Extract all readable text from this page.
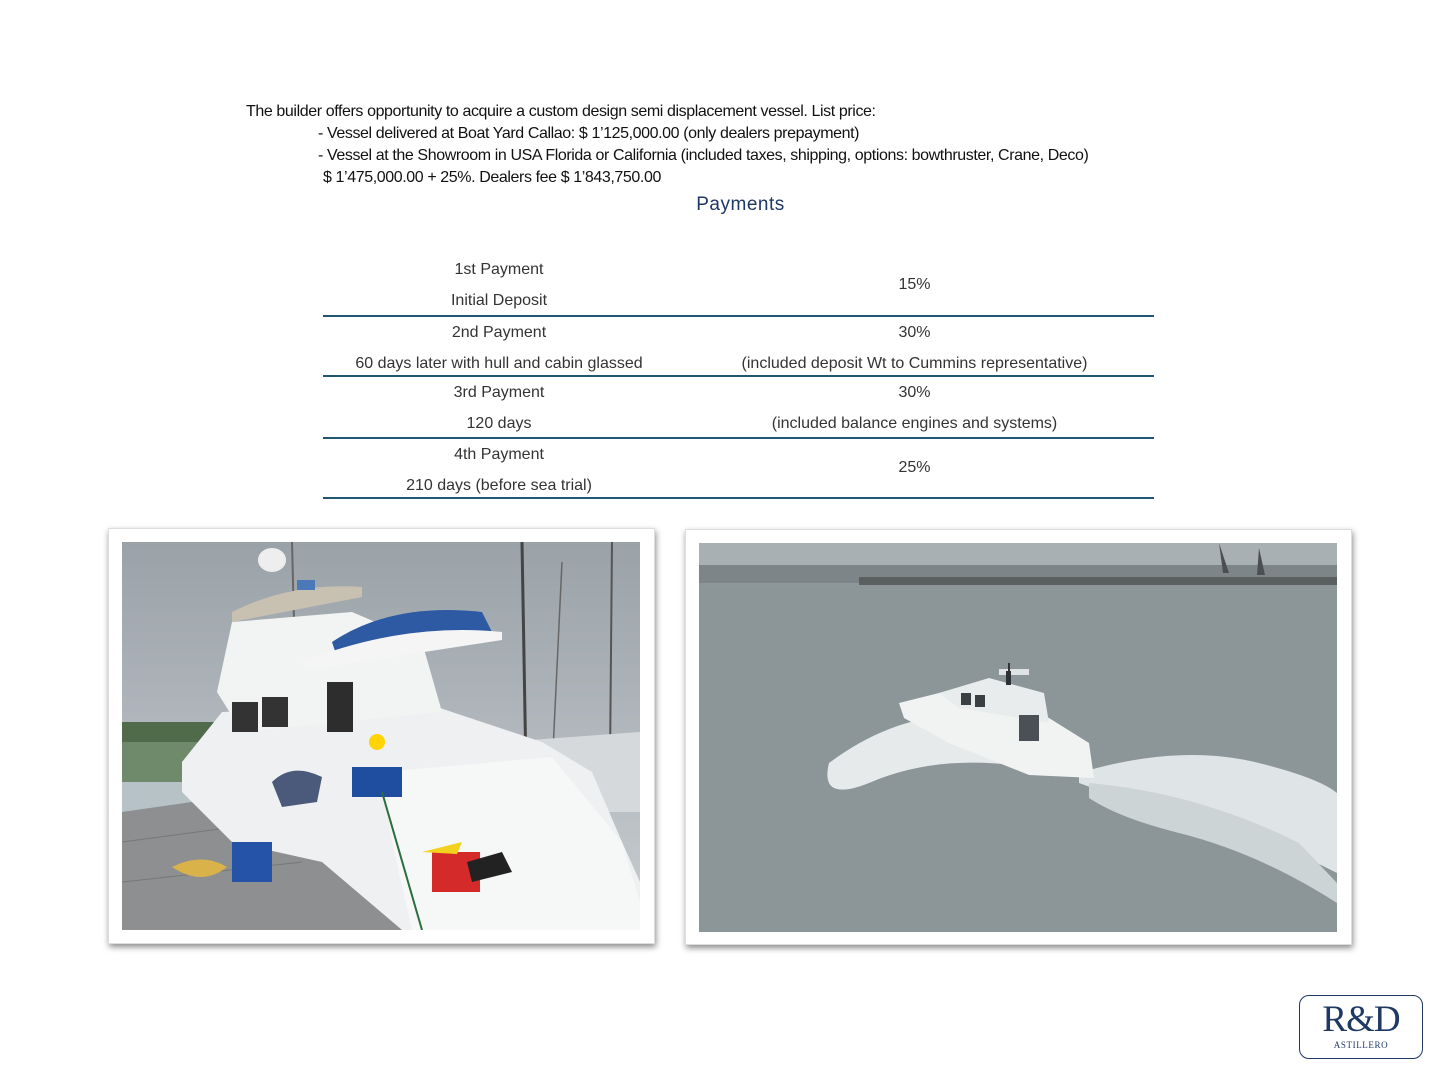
The builder offers opportunity to acquire a custom design semi displacement vessel. List price:
- Vessel delivered at Boat Yard Callao: $ 1’125,000.00 (only dealers prepayment)
- Vessel at the Showroom in USA Florida or California (included taxes, shipping, options: bowthruster, Crane, Deco)
$ 1’475,000.00 + 25%. Dealers fee $ 1’843,750.00
Payments
1st Payment
Initial Deposit
15%
2nd Payment
60 days later with hull and cabin glassed
30%
(included deposit Wt to Cummins representative)
3rd Payment
120 days
30%
(included balance engines and systems)
4th Payment
210 days (before sea trial)
25%
R&D
ASTILLERO
